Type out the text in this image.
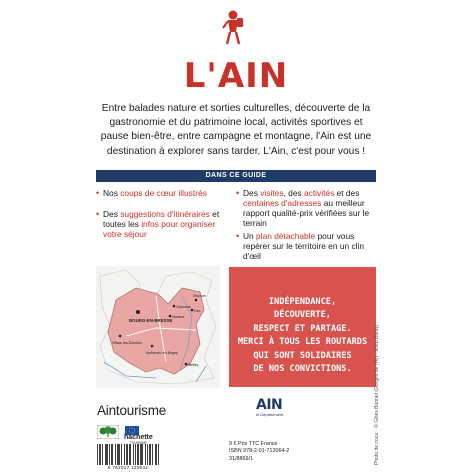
L'AIN
Entre balades nature et sorties culturelles, découverte de la gastronomie et du patrimoine local, activités sportives et pause bien-être, entre campagne et montagne, l'Ain est une destination à explorer sans tarder. L'Ain, c'est pour vous !
DANS CE GUIDE
• Nos coups de cœur illustrés
• Des suggestions d'itinéraires et toutes les infos pour organiser votre séjour
• Des visites, des activités et des centaines d'adresses au meilleur rapport qualité-prix vérifiées sur le terrain
• Un plan détachable pour vous repérer sur le territoire en un clin d'œil
BOURG-EN-BRESSE
Oyonnax
Nantua
Belley
Villars-les-Dombes
Ambérieu-en-Bugey
Divonne
Gex
INDÉPENDANCE,
DÉCOUVERTE,
RESPECT ET PARTAGE.
MERCI À TOUS LES ROUTARDS
QUI SONT SOLIDAIRES
DE NOS CONVICTIONS.
Aintourisme	AIN
le Département
hachette
TOURISME
9 782017 130642
9 € Prix TTC France
ISBN 978-2-01-713064-2
31/8869/1	Photo de couv. : © Gilles Bonnet (Gorges de l'Ain - Mont Bafay)
